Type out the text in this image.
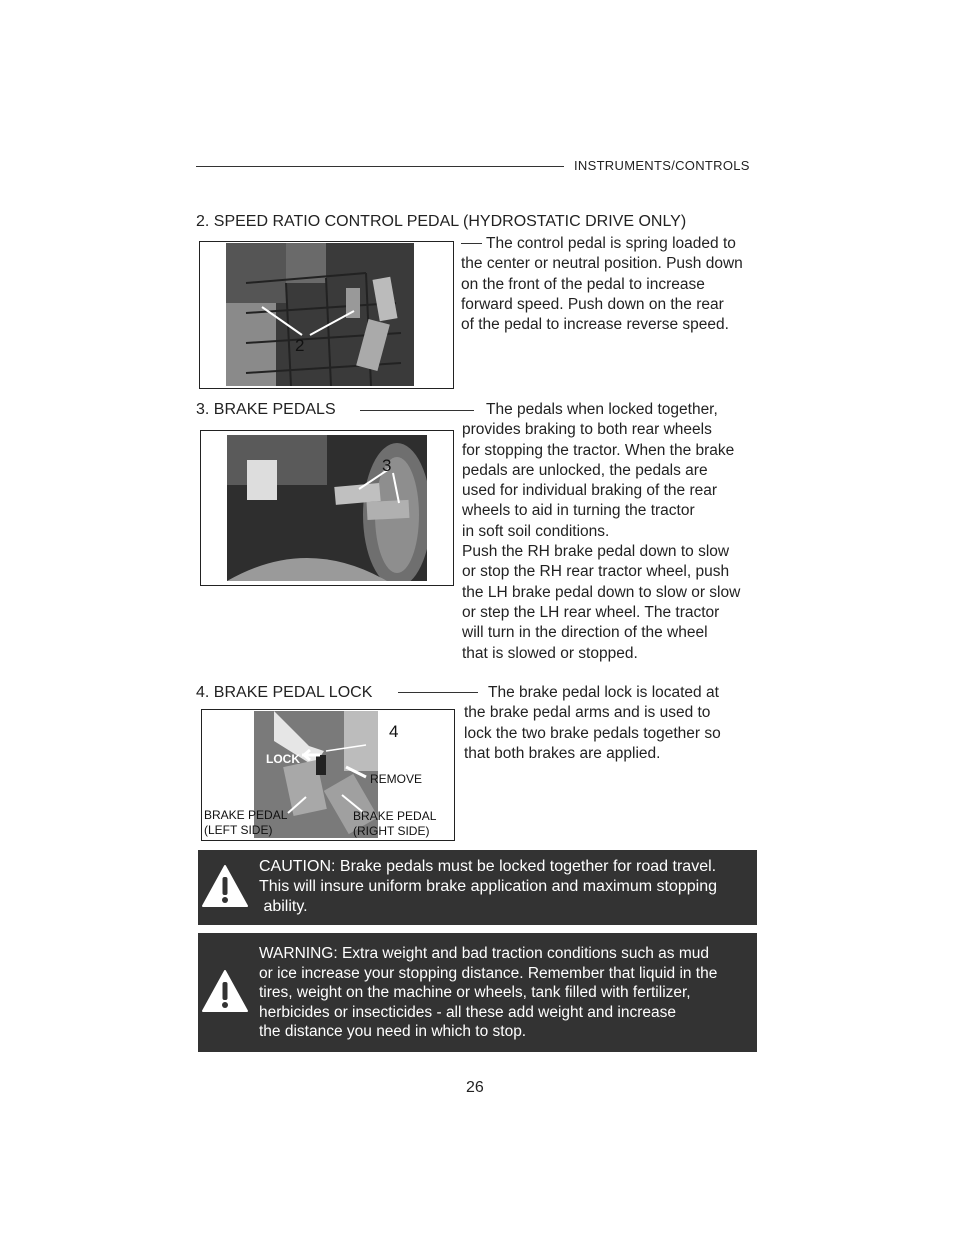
INSTRUMENTS/CONTROLS
2. SPEED RATIO CONTROL PEDAL (HYDROSTATIC DRIVE ONLY)
2
The control pedal is spring loaded to
the center or neutral position. Push down
on the front of the pedal to increase
forward speed. Push down on the rear
of the pedal to increase reverse speed.
3. BRAKE PEDALS
3
The pedals when locked together,
provides braking to both rear wheels
for stopping the tractor. When the brake
pedals are unlocked, the pedals are
used for individual braking of the rear
wheels to aid in turning the tractor
in soft soil conditions.
Push the RH brake pedal down to slow
or stop the RH rear tractor wheel, push
the LH brake pedal down to slow or slow
or step the LH rear wheel. The tractor
will turn in the direction of the wheel
that is slowed or stopped.
4. BRAKE PEDAL LOCK
4
LOCK
REMOVE
BRAKE PEDAL
(LEFT SIDE)
BRAKE PEDAL
(RIGHT SIDE)
The brake pedal lock is located at
the brake pedal arms and is used to
lock the two brake pedals together so
that both brakes are applied.
CAUTION: Brake pedals must be locked together for road travel.
This will insure uniform brake application and maximum stopping
ability.
WARNING: Extra weight and bad traction conditions such as mud
or ice increase your stopping distance. Remember that liquid in the
tires, weight on the machine or wheels, tank filled with fertilizer,
herbicides or insecticides - all these add weight and increase
the distance you need in which to stop.
26
